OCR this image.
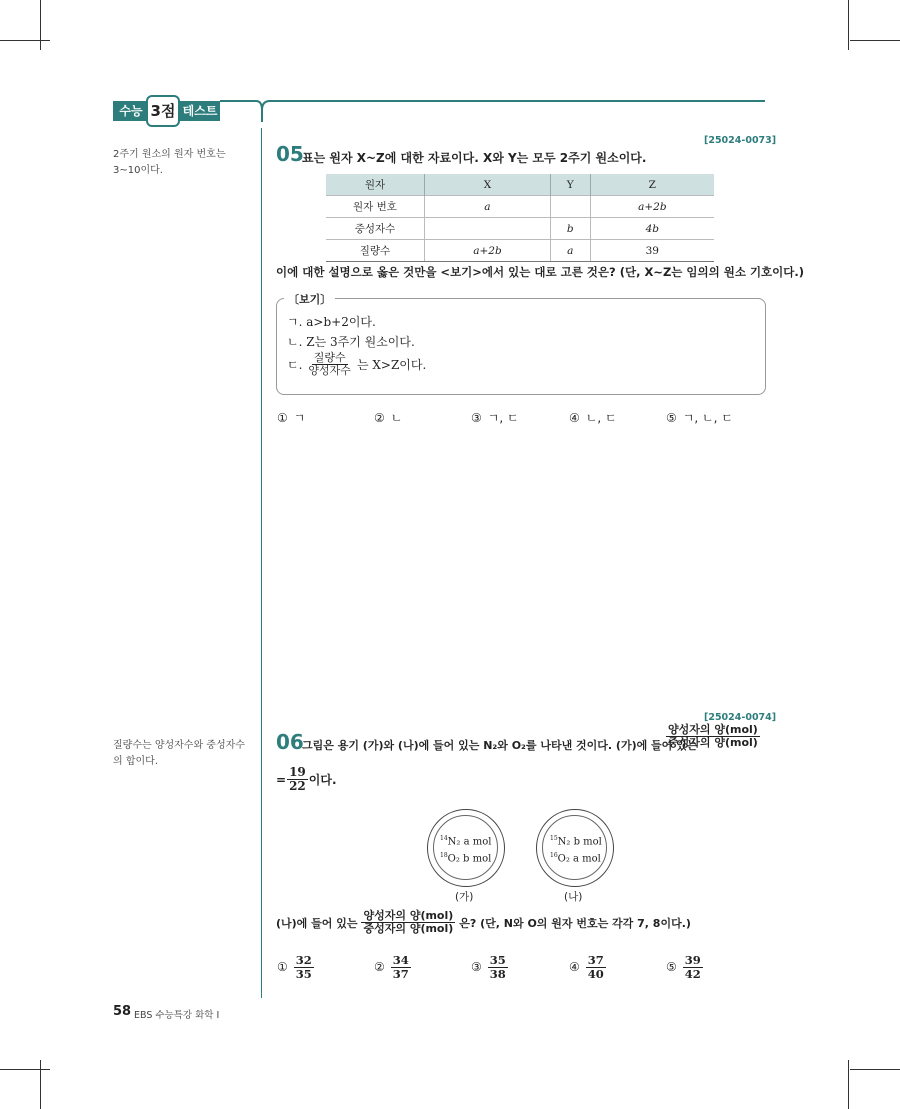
수능 3점 테스트
[25024-0073]
2주기 원소의 원자 번호는 3~10이다.
05
표는 원자 X~Z에 대한 자료이다. X와 Y는 모두 2주기 원소이다.
원자	X	Y	Z
원자 번호	a		a+2b
중성자수		b	4b
질량수	a+2b	a	39
이에 대한 설명으로 옳은 것만을 <보기>에서 있는 대로 고른 것은? (단, X~Z는 임의의 원소 기호이다.)
〔보기〕
ㄱ. a>b+2이다.
ㄴ. Z는 3주기 원소이다.
ㄷ. $\frac{\text{질량수}}{\text{양성자수}}$ 는 X>Z이다.
① ㄱ	② ㄴ	③ ㄱ, ㄷ	④ ㄴ, ㄷ	⑤ ㄱ, ㄴ, ㄷ
[25024-0074]
질량수는 양성자수와 중성자수의 합이다.
06
그림은 용기 (가)와 (나)에 들어 있는 N₂와 O₂를 나타낸 것이다. (가)에 들어 있는
양성자의 양(mol)
중성자의 양(mol)
= $\frac{19}{22}$ 이다.
$^{14}$N₂ a mol
$^{18}$O₂ b mol
(가)
$^{15}$N₂ b mol
$^{16}$O₂ a mol
(나)
(나)에 들어 있는 $\frac{\text{양성자의 양(mol)}}{\text{중성자의 양(mol)}}$ 은? (단, N와 O의 원자 번호는 각각 7, 8이다.)
① $\frac{32}{35}$	② $\frac{34}{37}$	③ $\frac{35}{38}$	④ $\frac{37}{40}$	⑤ $\frac{39}{42}$
58 EBS 수능특강 화학 Ⅰ
